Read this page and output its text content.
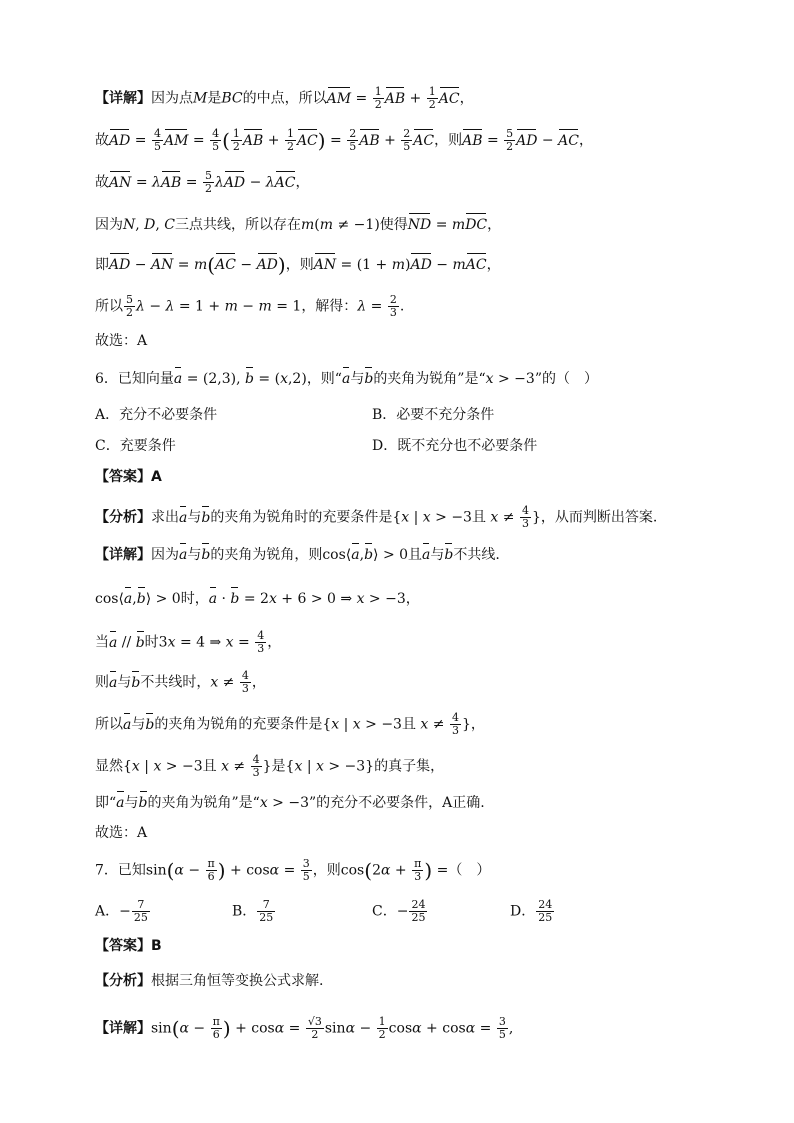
【详解】因为点M是BC的中点，所以AM = $\frac{1}{2}$ AB + $\frac{1}{2}$ AC，
故AD = $\frac{4}{5}$ AM = $\frac{4}{5}$ ( $\frac{1}{2}$ AB + $\frac{1}{2} AC) = \frac{2}{5}$ AB + $\frac{2}{5}$ AC，则AB = $\frac{5}{2}$ AD − AC，
故AN = $\lambda AB = \frac{5}{2}$ λAD − λAC，
因为N, D, C三点共线，所以存在m(m ≠ −1)使得ND = mDC，
即AD − AN = m(AC − AD)，则AN = (1 + m)AD − mAC，
所以 $\frac{5}{2}$ λ − λ = 1 + m − m = 1，解得：$\lambda = \frac{2}{3}$ .
故选：A
6．已知向量a = (2,3), b = (x,2)，则“a与b的夹角为锐角”是“x > −3”的（　）
A．充分不必要条件	B．必要不充分条件
C．充要条件	D．既不充分也不必要条件
【答案】A
【分析】求出a与b的夹角为锐角时的充要条件是{x | x > −3且 $x \ne \frac{4}{3}$ }，从而判断出答案.
【详解】因为a与b的夹角为锐角，则cos⟨a,b⟩ > 0且a与b不共线.
cos⟨a,b⟩ > 0时，a · b = 2x + 6 > 0 ⇒ x > −3，
当a // b时3x = 4 ⇒ $x = \frac{4}{3}$ ，
则a与b不共线时，$x \ne \frac{4}{3}$ ，
所以a与b的夹角为锐角的充要条件是{x | x > −3且 $x \ne \frac{4}{3}$ }，
显然{x | x > −3且 $x \ne \frac{4}{3}$ }是{x | x > −3}的真子集，
即“a与b的夹角为锐角”是“x > −3”的充分不必要条件，A正确.
故选：A
7．已知$\sin(\alpha - \frac{\pi}{6}$ ) + $\cos\alpha = \frac{3}{5}$ ，则$\cos(2\alpha + \frac{\pi}{3}$ ) =（　）
A．− $\frac{7}{25}$	B． $\frac{7}{25}$	C．− $\frac{24}{25}$	D． $\frac{24}{25}$
【答案】B
【分析】根据三角恒等变换公式求解.
【详解】$\sin(\alpha - \frac{\pi}{6}$ ) + $\cos\alpha = \frac{√3}{2}$ $\sin\alpha - \frac{1}{2}$ $\cos\alpha + \cos\alpha = \frac{3}{5}$ ,
